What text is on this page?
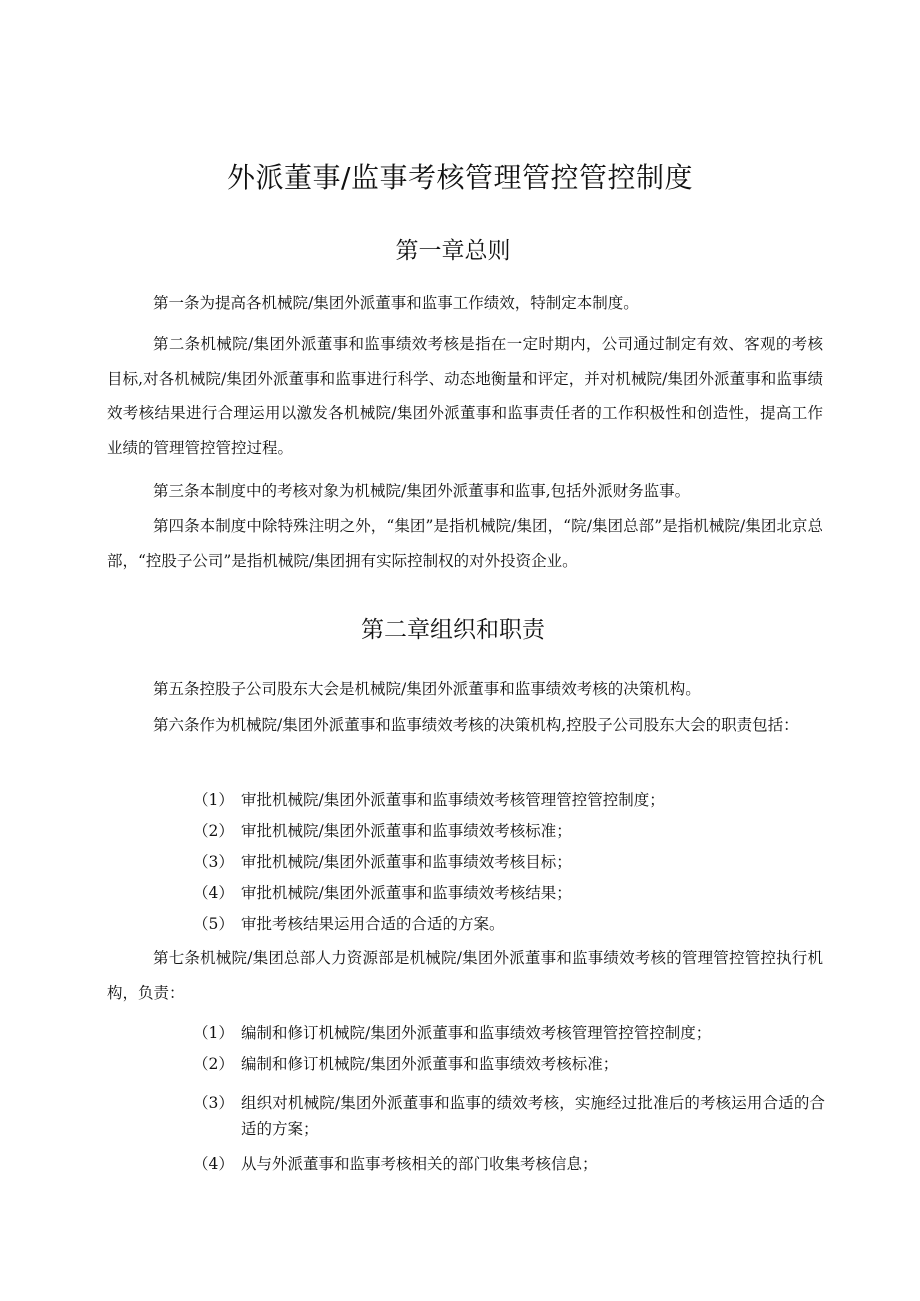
外派董事/监事考核管理管控管控制度
第一章总则
第一条为提高各机械院/集团外派董事和监事工作绩效，特制定本制度。
第二条机械院/集团外派董事和监事绩效考核是指在一定时期内，公司通过制定有效、客观的考核目标,对各机械院/集团外派董事和监事进行科学、动态地衡量和评定，并对机械院/集团外派董事和监事绩效考核结果进行合理运用以激发各机械院/集团外派董事和监事责任者的工作积极性和创造性，提高工作业绩的管理管控管控过程。
第三条本制度中的考核对象为机械院/集团外派董事和监事,包括外派财务监事。
第四条本制度中除特殊注明之外，“集团”是指机械院/集团，“院/集团总部”是指机械院/集团北京总部，“控股子公司”是指机械院/集团拥有实际控制权的对外投资企业。
第二章组织和职责
第五条控股子公司股东大会是机械院/集团外派董事和监事绩效考核的决策机构。
第六条作为机械院/集团外派董事和监事绩效考核的决策机构,控股子公司股东大会的职责包括：
（1） 审批机械院/集团外派董事和监事绩效考核管理管控管控制度；
（2） 审批机械院/集团外派董事和监事绩效考核标准；
（3） 审批机械院/集团外派董事和监事绩效考核目标；
（4） 审批机械院/集团外派董事和监事绩效考核结果；
（5） 审批考核结果运用合适的合适的方案。
第七条机械院/集团总部人力资源部是机械院/集团外派董事和监事绩效考核的管理管控管控执行机构，负责：
（1） 编制和修订机械院/集团外派董事和监事绩效考核管理管控管控制度；
（2） 编制和修订机械院/集团外派董事和监事绩效考核标准；
（3） 组织对机械院/集团外派董事和监事的绩效考核，实施经过批准后的考核运用合适的合适的方案；
（4） 从与外派董事和监事考核相关的部门收集考核信息；
